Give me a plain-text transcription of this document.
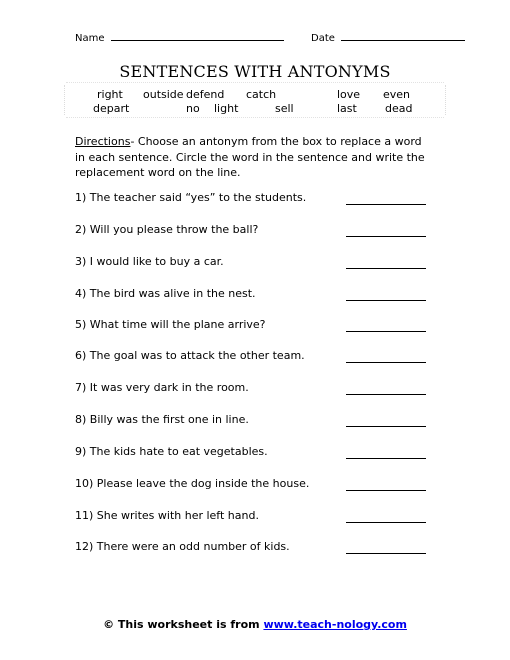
Name	Date
SENTENCES WITH ANTONYMS
right outside defend catch	love even
depart	no light	sell	last	dead
Directions- Choose an antonym from the box to replace a word in each sentence. Circle the word in the sentence and write the replacement word on the line.
1) The teacher said “yes” to the students.
2) Will you please throw the ball?
3) I would like to buy a car.
4) The bird was alive in the nest.
5) What time will the plane arrive?
6) The goal was to attack the other team.
7) It was very dark in the room.
8) Billy was the first one in line.
9) The kids hate to eat vegetables.
10) Please leave the dog inside the house.
11) She writes with her left hand.
12) There were an odd number of kids.
© This worksheet is from www.teach-nology.com
